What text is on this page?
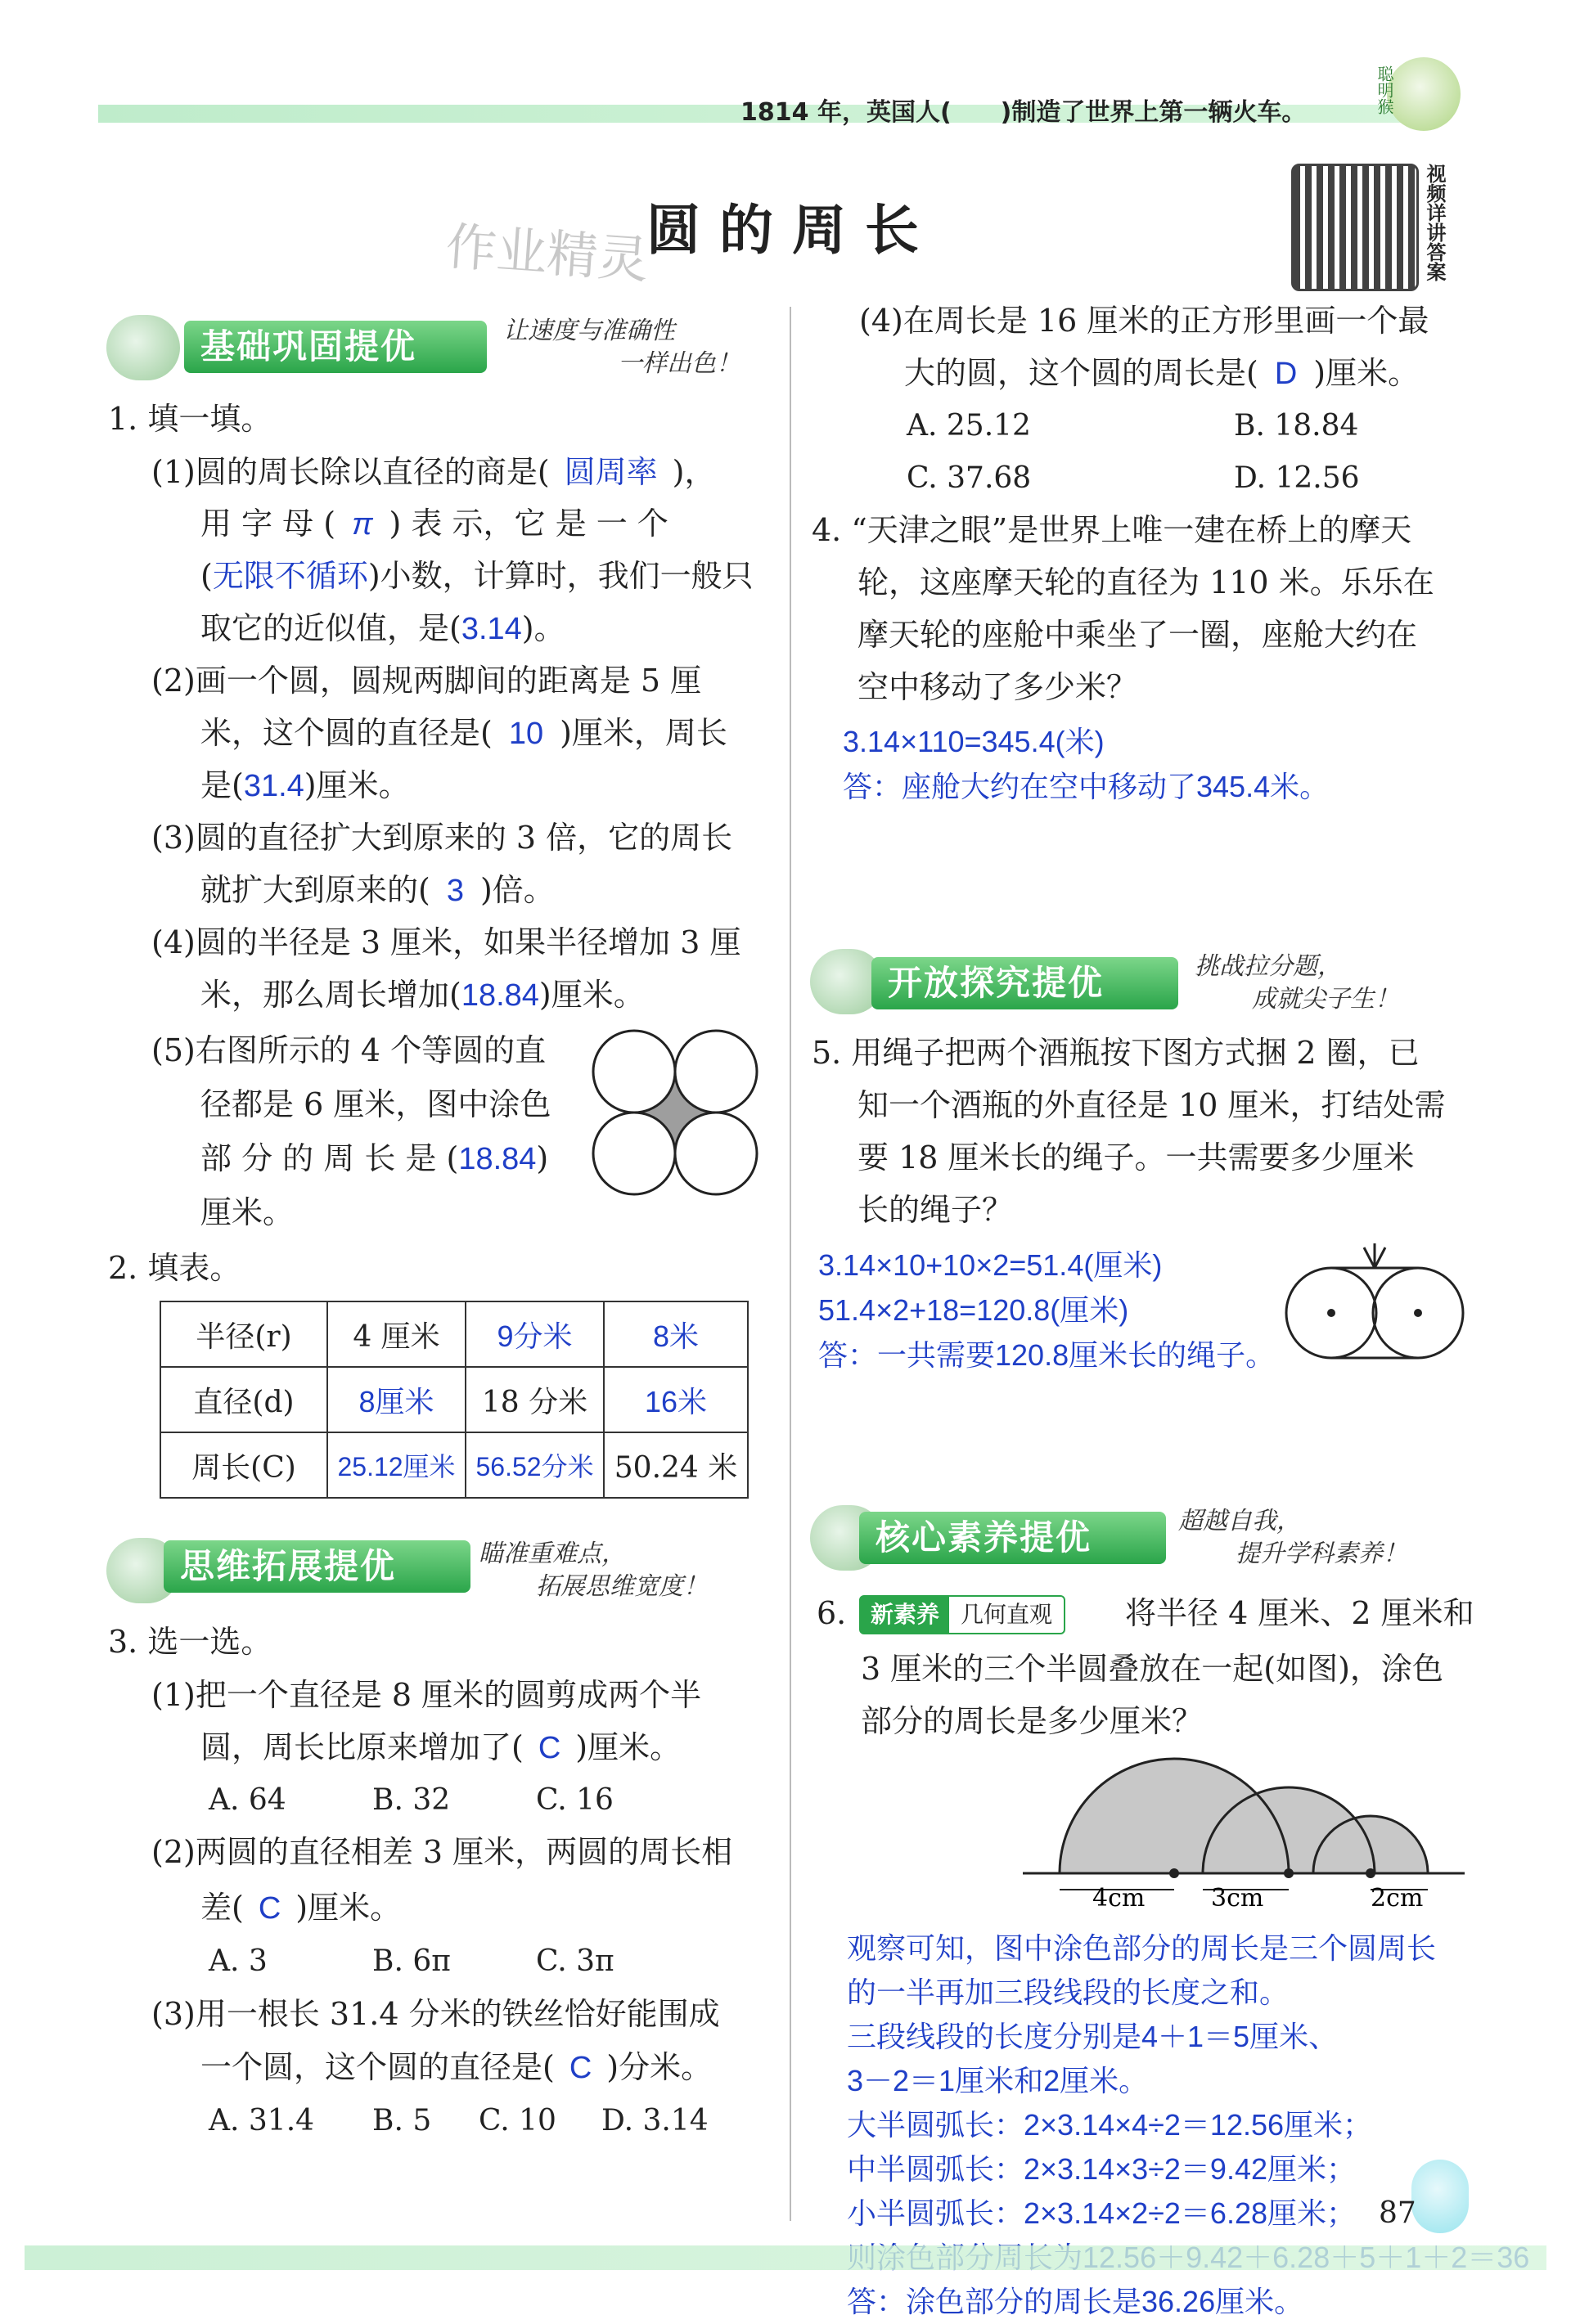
1814 年，英国人(　　)制造了世界上第一辆火车。	聪明猴
作业精灵
圆 的 周 长	视频详讲答案
基础巩固提优	让速度与准确性
一样出色！
1. 填一填。
(1)圆的周长除以直径的商是( 圆周率 )，
用 字 母 ( π ) 表 示，它 是 一 个
(无限不循环)小数，计算时，我们一般只
取它的近似值，是(3.14)。
(2)画一个圆，圆规两脚间的距离是 5 厘
米，这个圆的直径是( 10 )厘米，周长
是(31.4)厘米。
(3)圆的直径扩大到原来的 3 倍，它的周长
就扩大到原来的( 3 )倍。
(4)圆的半径是 3 厘米，如果半径增加 3 厘
米，那么周长增加(18.84)厘米。
(5)右图所示的 4 个等圆的直
径都是 6 厘米，图中涂色
部 分 的 周 长 是 (18.84)
厘米。
2. 填表。
半径(r)	4 厘米	9分米	8米
直径(d)	8厘米	18 分米	16米
周长(C)	25.12厘米	56.52分米	50.24 米
思维拓展提优	瞄准重难点，
拓展思维宽度！
3. 选一选。
(1)把一个直径是 8 厘米的圆剪成两个半
圆，周长比原来增加了( C )厘米。
A. 64	B. 32	C. 16
(2)两圆的直径相差 3 厘米，两圆的周长相
差( C )厘米。
A. 3	B. 6π	C. 3π
(3)用一根长 31.4 分米的铁丝恰好能围成
一个圆，这个圆的直径是( C )分米。
A. 31.4 B. 5 C. 10 D. 3.14
(4)在周长是 16 厘米的正方形里画一个最
大的圆，这个圆的周长是( D )厘米。
A. 25.12	B. 18.84
C. 37.68	D. 12.56
4. “天津之眼”是世界上唯一建在桥上的摩天
轮，这座摩天轮的直径为 110 米。乐乐在
摩天轮的座舱中乘坐了一圈，座舱大约在
空中移动了多少米？
3.14×110=345.4(米)
答：座舱大约在空中移动了345.4米。
开放探究提优	挑战拉分题，
成就尖子生！
5. 用绳子把两个酒瓶按下图方式捆 2 圈，已
知一个酒瓶的外直径是 10 厘米，打结处需
要 18 厘米长的绳子。一共需要多少厘米
长的绳子？
3.14×10+10×2=51.4(厘米)
51.4×2+18=120.8(厘米)
答：一共需要120.8厘米长的绳子。
核心素养提优	超越自我，
提升学科素养！
6.	新素养 几何直观	将半径 4 厘米、2 厘米和
3 厘米的三个半圆叠放在一起(如图)，涂色
部分的周长是多少厘米？
4cm	3cm	2cm
观察可知，图中涂色部分的周长是三个圆周长
的一半再加三段线段的长度之和。
三段线段的长度分别是4＋1＝5厘米、
3－2＝1厘米和2厘米。
大半圆弧长：2×3.14×4÷2＝12.56厘米；
中半圆弧长：2×3.14×3÷2＝9.42厘米；
小半圆弧长：2×3.14×2÷2＝6.28厘米；
答：涂色部分的周长是36.26厘米。
87
